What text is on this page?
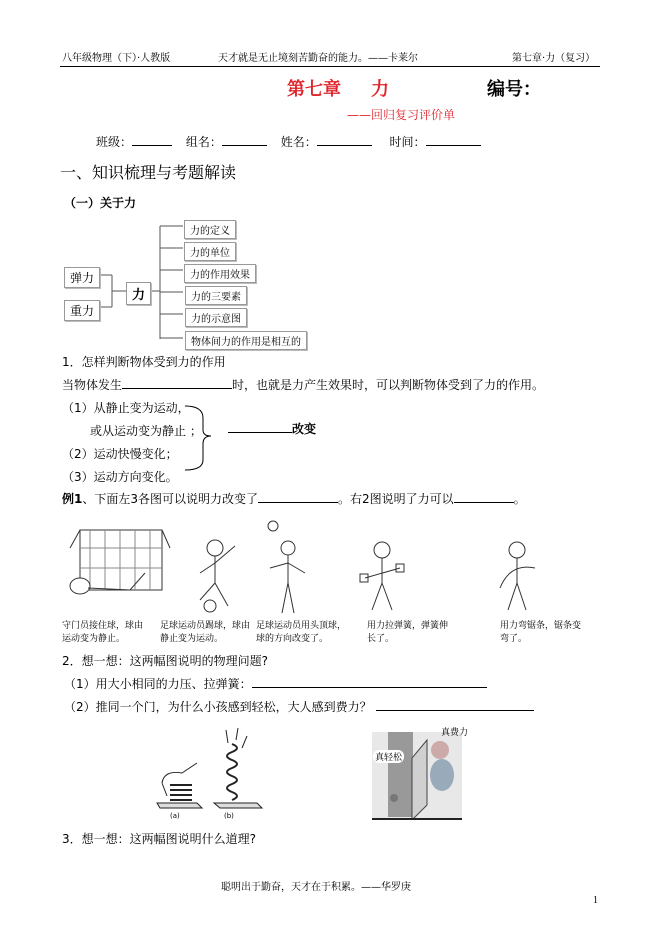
八年级物理（下）·人教版	天才就是无止境刻苦勤奋的能力。——卡莱尔	第七章·力（复习）
第七章 力	编号：
——回归复习评价单
班级：	组名：	姓名：	时间：
一、知识梳理与考题解读
（一）关于力
弹力
重力
力
力的定义
力的单位
力的作用效果
力的三要素
力的示意图
物体间力的作用是相互的
1．怎样判断物体受到力的作用
当物体发生	时，也就是力产生效果时，可以判断物体受到了力的作用。
（1）从静止变为运动，
或从运动变为静止 ；
（2）运动快慢变化；
（3）运动方向变化。
改变
例1、下面左3各图可以说明力改变了	。右2图说明了力可以	。
守门员接住球，球由
运动变为静止。
足球运动员踢球，球由
静止变为运动。
足球运动员用头顶球，
球的方向改变了。
用力拉弹簧，弹簧伸
长了。
用力弯锯条，锯条变
弯了。
2．想一想：这两幅图说明的物理问题?
（1）用大小相同的力压、拉弹簧：
（2）推同一个门，为什么小孩感到轻松，大人感到费力？
(a)	(b)
真轻松
真费力
3．想一想：这两幅图说明什么道理?
聪明出于勤奋，天才在于积累。——华罗庚
1
